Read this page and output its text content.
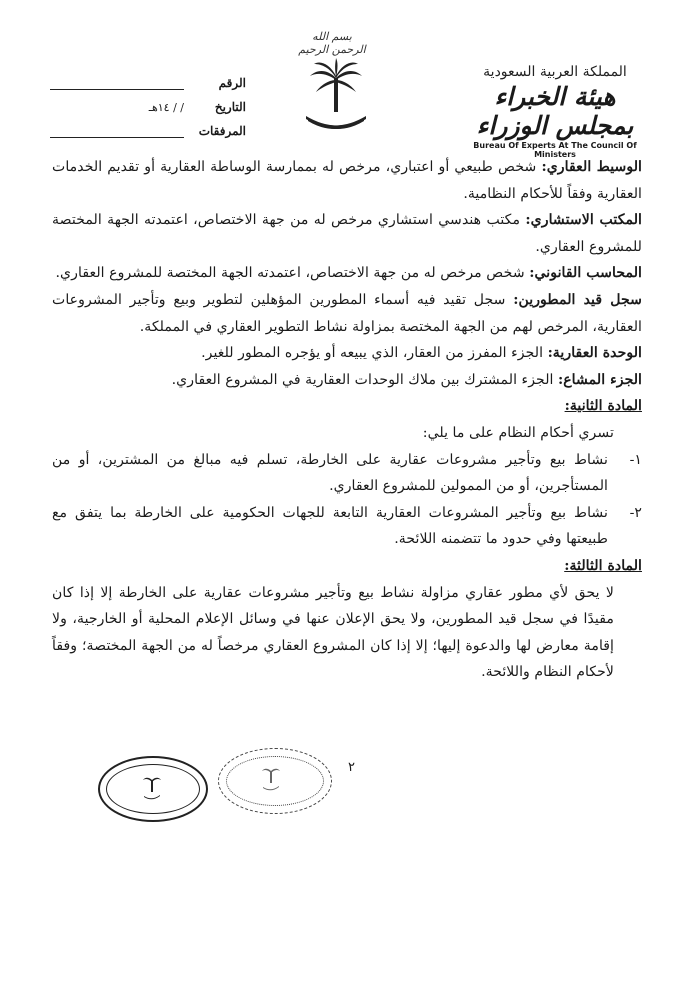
بسم الله الرحمن الرحيم
المملكة العربية السعودية
هيئة الخبراء بمجلس الوزراء
Bureau Of Experts At The Council Of Ministers
الرقم
التاريخ
/ / ١٤هـ
المرفقات

الوسيط العقاري: شخص طبيعي أو اعتباري، مرخص له بممارسة الوساطة العقارية أو تقديم الخدمات العقارية وفقاً للأحكام النظامية.

المكتب الاستشاري: مكتب هندسي استشاري مرخص له من جهة الاختصاص، اعتمدته الجهة المختصة للمشروع العقاري.

المحاسب القانوني: شخص مرخص له من جهة الاختصاص، اعتمدته الجهة المختصة للمشروع العقاري.

سجل قيد المطورين: سجل تقيد فيه أسماء المطورين المؤهلين لتطوير وبيع وتأجير المشروعات العقارية، المرخص لهم من الجهة المختصة بمزاولة نشاط التطوير العقاري في المملكة.

الوحدة العقارية: الجزء المفرز من العقار، الذي يبيعه أو يؤجره المطور للغير.

الجزء المشاع: الجزء المشترك بين ملاك الوحدات العقارية في المشروع العقاري.

المادة الثانية:

تسري أحكام النظام على ما يلي:

١-
نشاط بيع وتأجير مشروعات عقارية على الخارطة، تسلم فيه مبالغ من المشترين، أو من المستأجرين، أو من الممولين للمشروع العقاري.
٢-
نشاط بيع وتأجير المشروعات العقارية التابعة للجهات الحكومية على الخارطة بما يتفق مع طبيعتها وفي حدود ما تتضمنه اللائحة.

المادة الثالثة:

لا يحق لأي مطور عقاري مزاولة نشاط بيع وتأجير مشروعات عقارية على الخارطة إلا إذا كان مقيدًا في سجل قيد المطورين، ولا يحق الإعلان عنها في وسائل الإعلام المحلية أو الخارجية، ولا إقامة معارض لها والدعوة إليها؛ إلا إذا كان المشروع العقاري مرخصاً له من الجهة المختصة؛ وفقاً لأحكام النظام واللائحة.

٢
